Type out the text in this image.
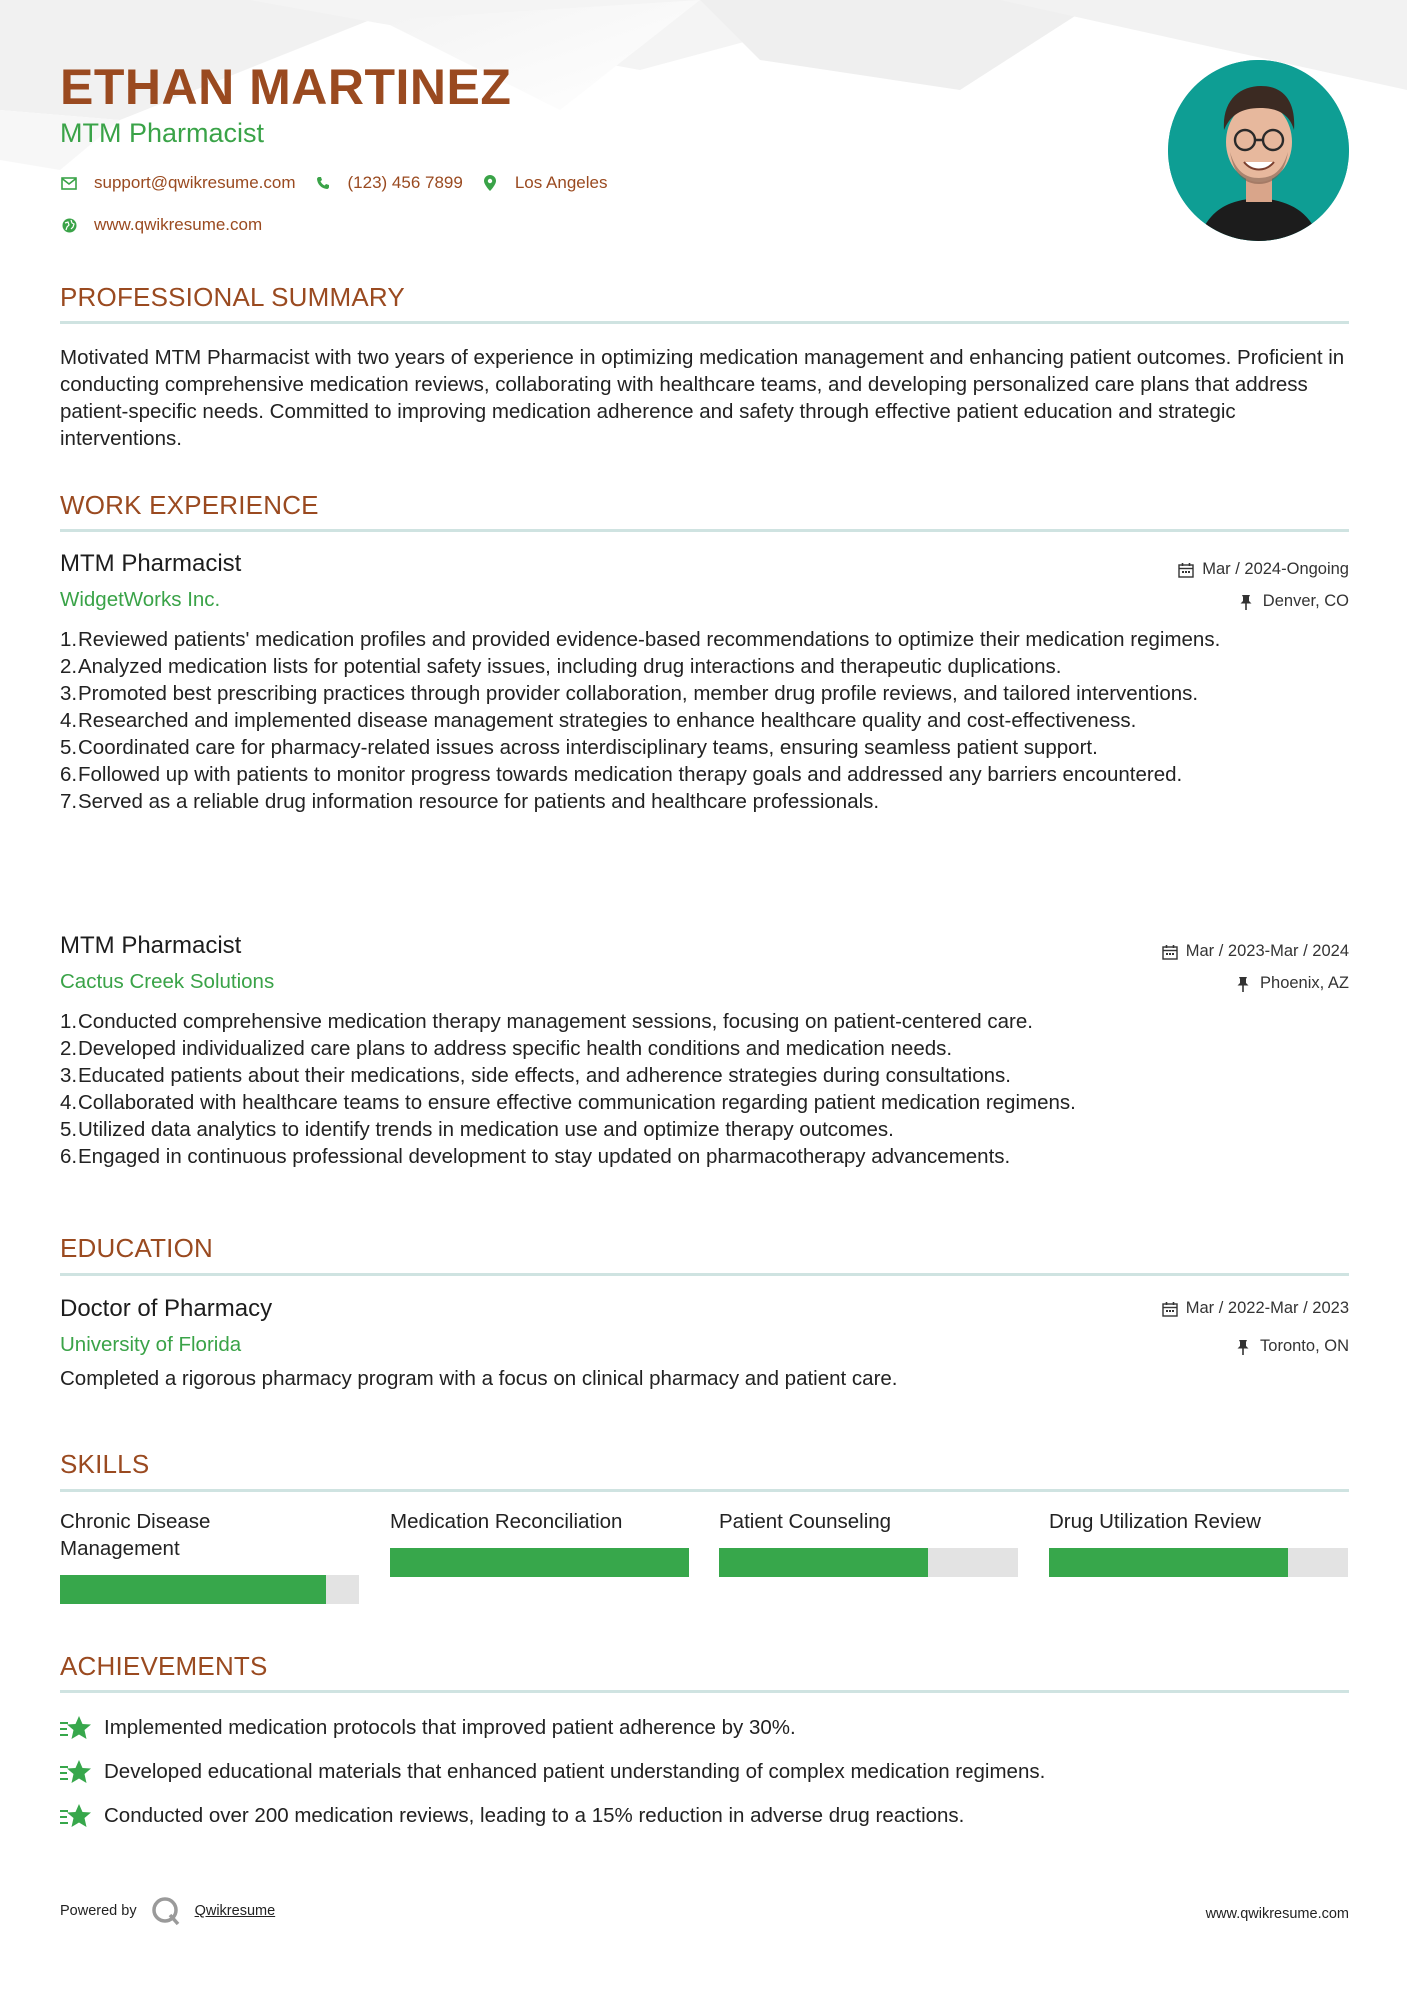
ETHAN MARTINEZ
MTM Pharmacist
support@qwikresume.com	(123) 456 7899	Los Angeles
www.qwikresume.com
PROFESSIONAL SUMMARY
Motivated MTM Pharmacist with two years of experience in optimizing medication management and enhancing patient outcomes. Proficient in conducting comprehensive medication reviews, collaborating with healthcare teams, and developing personalized care plans that address patient-specific needs. Committed to improving medication adherence and safety through effective patient education and strategic interventions.
WORK EXPERIENCE
MTM Pharmacist
WidgetWorks Inc.
Mar / 2024-Ongoing
Denver, CO
1. Reviewed patients' medication profiles and provided evidence-based recommendations to optimize their medication regimens.
2. Analyzed medication lists for potential safety issues, including drug interactions and therapeutic duplications.
3. Promoted best prescribing practices through provider collaboration, member drug profile reviews, and tailored interventions.
4. Researched and implemented disease management strategies to enhance healthcare quality and cost-effectiveness.
5. Coordinated care for pharmacy-related issues across interdisciplinary teams, ensuring seamless patient support.
6. Followed up with patients to monitor progress towards medication therapy goals and addressed any barriers encountered.
7. Served as a reliable drug information resource for patients and healthcare professionals.
MTM Pharmacist
Cactus Creek Solutions
Mar / 2023-Mar / 2024
Phoenix, AZ
1. Conducted comprehensive medication therapy management sessions, focusing on patient-centered care.
2. Developed individualized care plans to address specific health conditions and medication needs.
3. Educated patients about their medications, side effects, and adherence strategies during consultations.
4. Collaborated with healthcare teams to ensure effective communication regarding patient medication regimens.
5. Utilized data analytics to identify trends in medication use and optimize therapy outcomes.
6. Engaged in continuous professional development to stay updated on pharmacotherapy advancements.
EDUCATION
Doctor of Pharmacy
University of Florida
Mar / 2022-Mar / 2023
Toronto, ON
Completed a rigorous pharmacy program with a focus on clinical pharmacy and patient care.
SKILLS
Chronic Disease Management
Medication Reconciliation	Patient Counseling	Drug Utilization Review
ACHIEVEMENTS
Implemented medication protocols that improved patient adherence by 30%.
Developed educational materials that enhanced patient understanding of complex medication regimens.
Conducted over 200 medication reviews, leading to a 15% reduction in adverse drug reactions.
Powered by	Qwikresume	www.qwikresume.com
